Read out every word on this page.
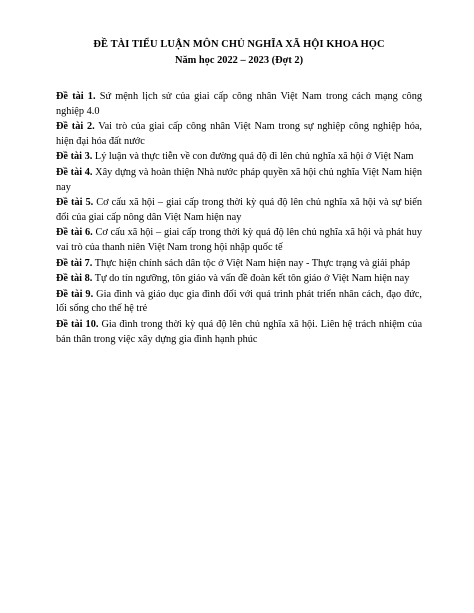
ĐỀ TÀI TIỂU LUẬN MÔN CHỦ NGHĨA XÃ HỘI KHOA HỌC
Năm học 2022 – 2023 (Đợt 2)
Đề tài 1. Sứ mệnh lịch sử của giai cấp công nhân Việt Nam trong cách mạng công nghiệp 4.0
Đề tài 2. Vai trò của giai cấp công nhân Việt Nam trong sự nghiệp công nghiệp hóa, hiện đại hóa đất nước
Đề tài 3. Lý luận và thực tiễn về con đường quá độ đi lên chủ nghĩa xã hội ở Việt Nam
Đề tài 4. Xây dựng và hoàn thiện Nhà nước pháp quyền xã hội chủ nghĩa Việt Nam hiện nay
Đề tài 5. Cơ cấu xã hội – giai cấp trong thời kỳ quá độ lên chủ nghĩa xã hội và sự biến đổi của giai cấp nông dân Việt Nam hiện nay
Đề tài 6. Cơ cấu xã hội – giai cấp trong thời kỳ quá độ lên chủ nghĩa xã hội và phát huy vai trò của thanh niên Việt Nam trong hội nhập quốc tế
Đề tài 7. Thực hiện chính sách dân tộc ở Việt Nam hiện nay - Thực trạng và giải pháp
Đề tài 8. Tự do tín ngưỡng, tôn giáo và vấn đề đoàn kết tôn giáo ở Việt Nam hiện nay
Đề tài 9. Gia đình và giáo dục gia đình đối với quá trình phát triển nhân cách, đạo đức, lối sống cho thế hệ trẻ
Đề tài 10. Gia đình trong thời kỳ quá độ lên chủ nghĩa xã hội. Liên hệ trách nhiệm của bản thân trong việc xây dựng gia đình hạnh phúc
